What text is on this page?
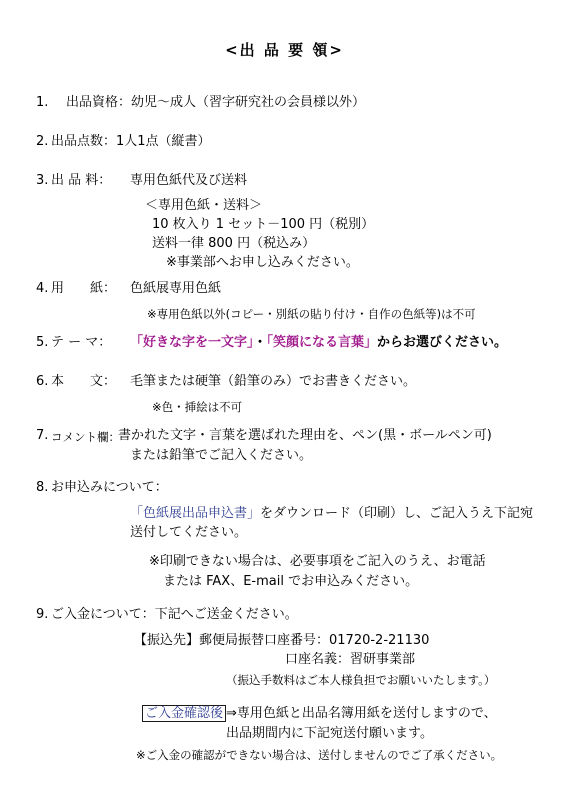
<出 品 要 領>
1. 出品資格：幼児～成人（習字研究社の会員様以外）
2. 出品点数：1人1点（縦書）
3. 出 品 料： 専用色紙代及び送料
＜専用色紙・送料＞
10 枚入り 1 セット－100 円（税別）
送料一律 800 円（税込み）
※事業部へお申し込みください。
4. 用　　紙： 色紙展専用色紙
※専用色紙以外(コピー・別紙の貼り付け・自作の色紙等)は不可
5. テ ー マ： 「好きな字を一文字」・「笑顔になる言葉」からお選びください。
6. 本　　文： 毛筆または硬筆（鉛筆のみ）でお書きください。
※色・挿絵は不可
7. コメント欄：
書かれた文字・言葉を選ばれた理由を、ペン(黒・ボールペン可)
または鉛筆でご記入ください。
8. お申込みについて：
「色紙展出品申込書」をダウンロード（印刷）し、ご記入うえ下記宛
送付してください。
※印刷できない場合は、必要事項をご記入のうえ、お電話
または FAX、E-mail でお申込みください。
9. ご入金について：下記へご送金ください。
【振込先】郵便局振替口座番号：01720-2-21130
口座名義：習研事業部
（振込手数料はご本人様負担でお願いいたします。）
ご入金確認後 ⇒専用色紙と出品名簿用紙を送付しますので、
出品期間内に下記宛送付願います。
※ご入金の確認ができない場合は、送付しませんのでご了承ください。
